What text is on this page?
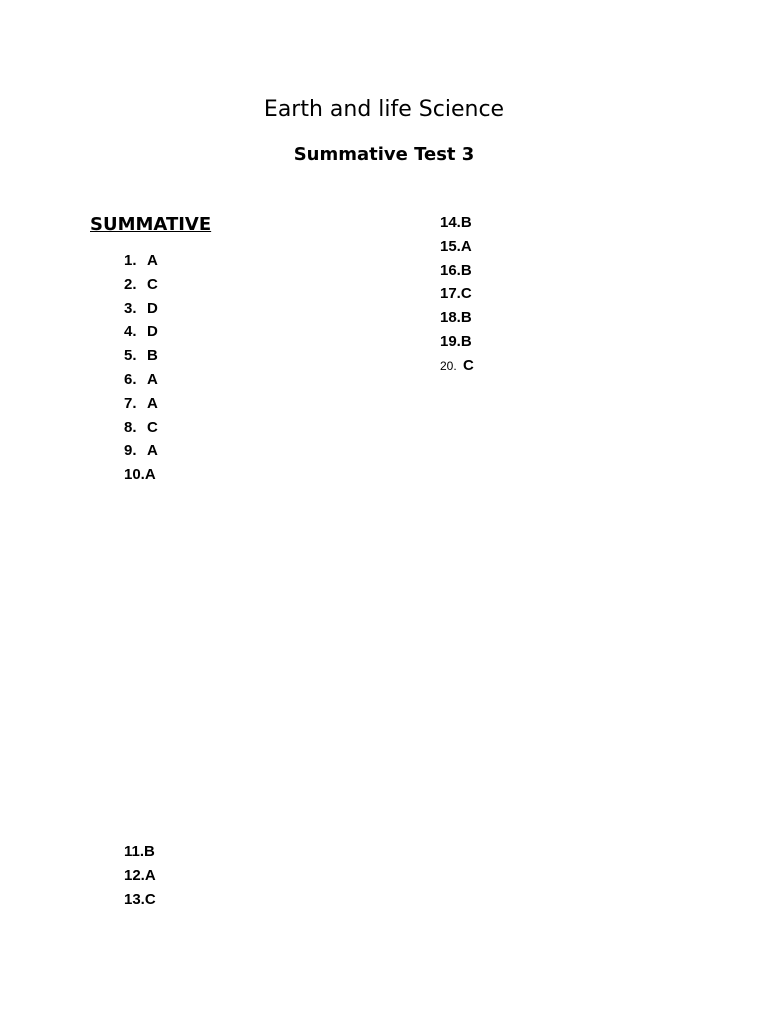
Earth and life Science
Summative Test 3
SUMMATIVE
1. A
2. C
3. D
4. D
5. B
6. A
7. A
8. C
9. A
10.A
11.B
12.A
13.C
14.B
15.A
16.B
17.C
18.B
19.B
20. C
